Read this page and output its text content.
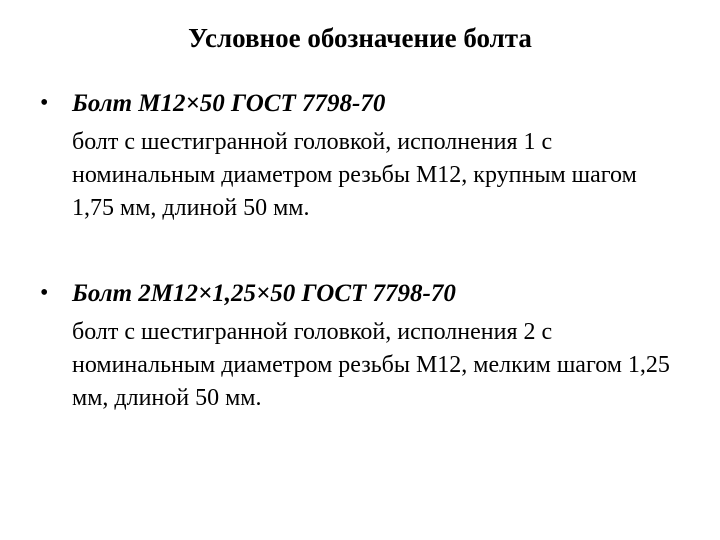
Условное обозначение болта
• Болт М12×50 ГОСТ 7798-70
болт с шестигранной головкой, исполнения 1 с номинальным диаметром резьбы М12, крупным шагом 1,75 мм, длиной 50 мм.
• Болт 2М12×1,25×50 ГОСТ 7798-70
болт с шестигранной головкой, исполнения 2 с номинальным диаметром резьбы М12, мелким шагом 1,25 мм, длиной 50 мм.
